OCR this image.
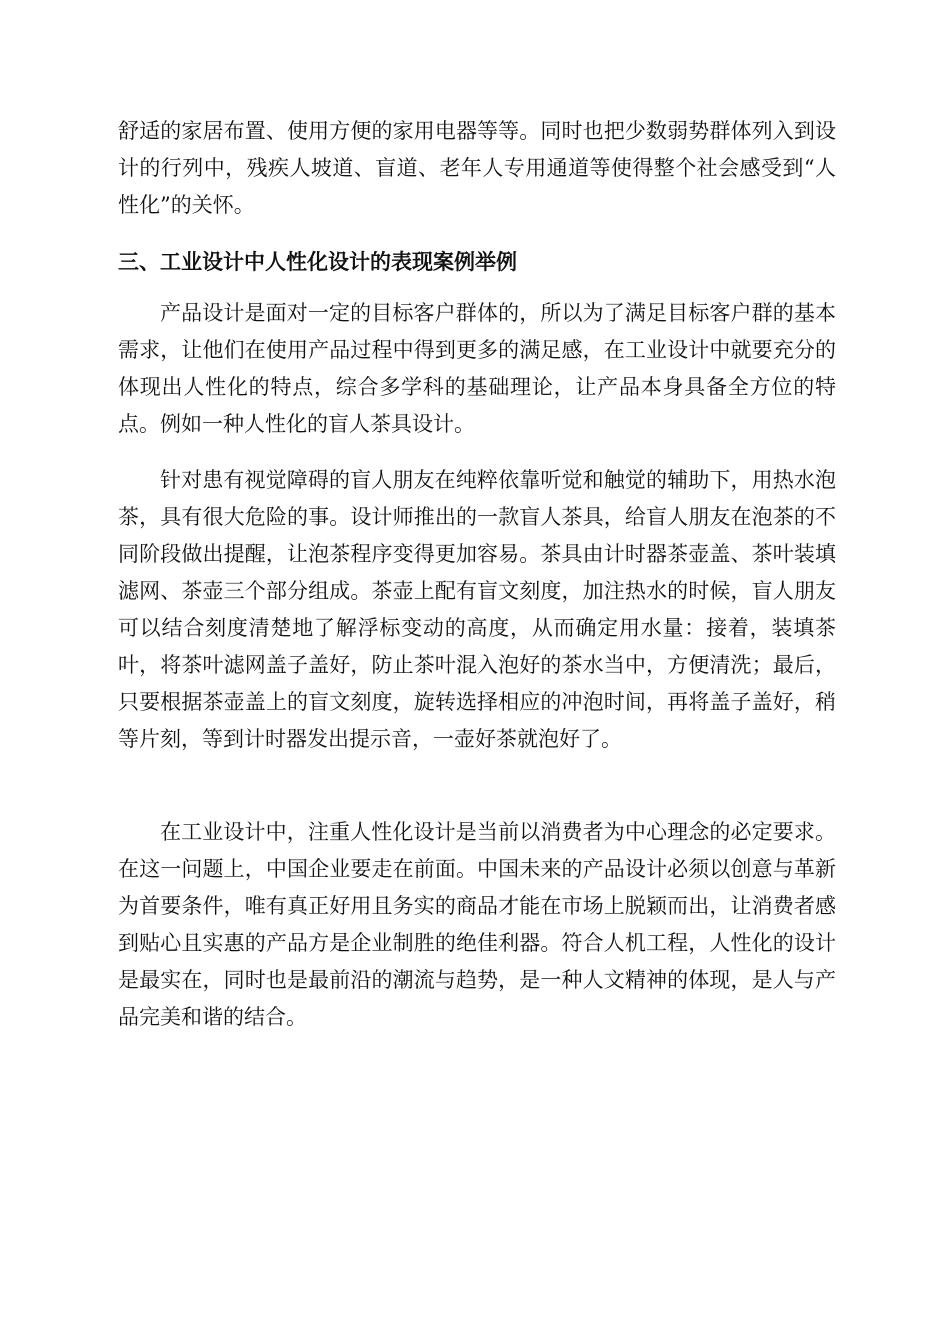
舒适的家居布置、使用方便的家用电器等等。同时也把少数弱势群体列入到设计的行列中，残疾人坡道、盲道、老年人专用通道等使得整个社会感受到“人性化”的关怀。

三、工业设计中人性化设计的表现案例举例

产品设计是面对一定的目标客户群体的，所以为了满足目标客户群的基本需求，让他们在使用产品过程中得到更多的满足感，在工业设计中就要充分的体现出人性化的特点，综合多学科的基础理论，让产品本身具备全方位的特点。例如一种人性化的盲人茶具设计。

针对患有视觉障碍的盲人朋友在纯粹依靠听觉和触觉的辅助下，用热水泡茶，具有很大危险的事。设计师推出的一款盲人茶具，给盲人朋友在泡茶的不同阶段做出提醒，让泡茶程序变得更加容易。茶具由计时器茶壶盖、茶叶装填滤网、茶壶三个部分组成。茶壶上配有盲文刻度，加注热水的时候，盲人朋友可以结合刻度清楚地了解浮标变动的高度，从而确定用水量：接着，装填茶叶，将茶叶滤网盖子盖好，防止茶叶混入泡好的茶水当中，方便清洗；最后，只要根据茶壶盖上的盲文刻度，旋转选择相应的冲泡时间，再将盖子盖好，稍等片刻，等到计时器发出提示音，一壶好茶就泡好了。

在工业设计中，注重人性化设计是当前以消费者为中心理念的必定要求。在这一问题上，中国企业要走在前面。中国未来的产品设计必须以创意与革新为首要条件，唯有真正好用且务实的商品才能在市场上脱颖而出，让消费者感到贴心且实惠的产品方是企业制胜的绝佳利器。符合人机工程，人性化的设计是最实在，同时也是最前沿的潮流与趋势，是一种人文精神的体现，是人与产品完美和谐的结合。
